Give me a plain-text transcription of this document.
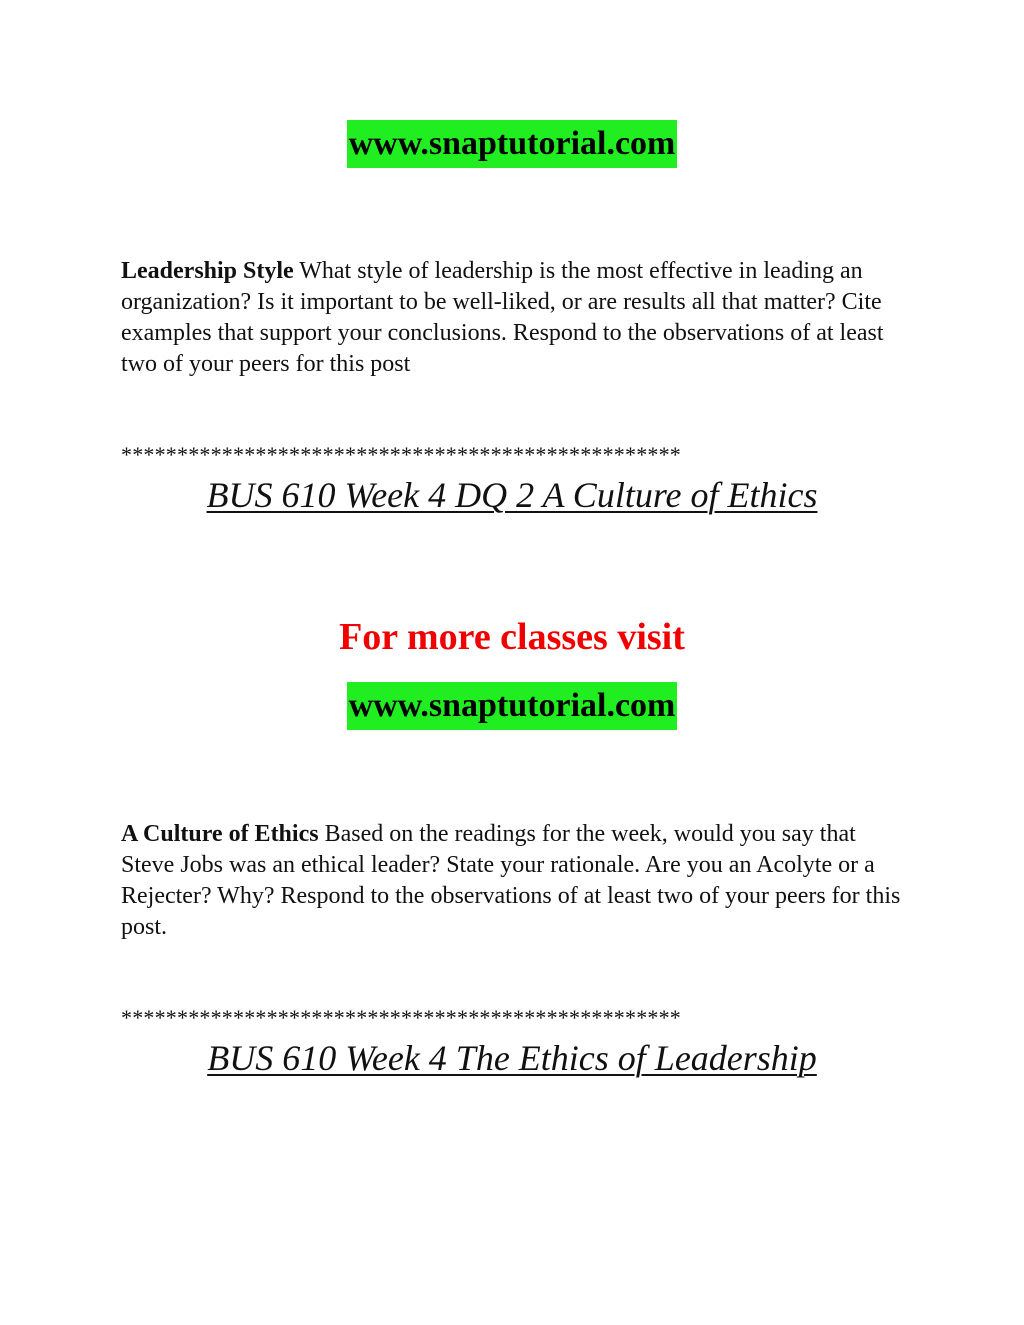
www.snaptutorial.com

Leadership Style What style of leadership is the most effective in leading an organization? Is it important to be well-liked, or are results all that matter? Cite examples that support your conclusions. Respond to the observations of at least two of your peers for this post

**************************************************
BUS 610 Week 4 DQ 2 A Culture of Ethics
For more classes visit
www.snaptutorial.com

A Culture of Ethics Based on the readings for the week, would you say that Steve Jobs was an ethical leader? State your rationale. Are you an Acolyte or a Rejecter? Why? Respond to the observations of at least two of your peers for this post.

**************************************************
BUS 610 Week 4 The Ethics of Leadership
